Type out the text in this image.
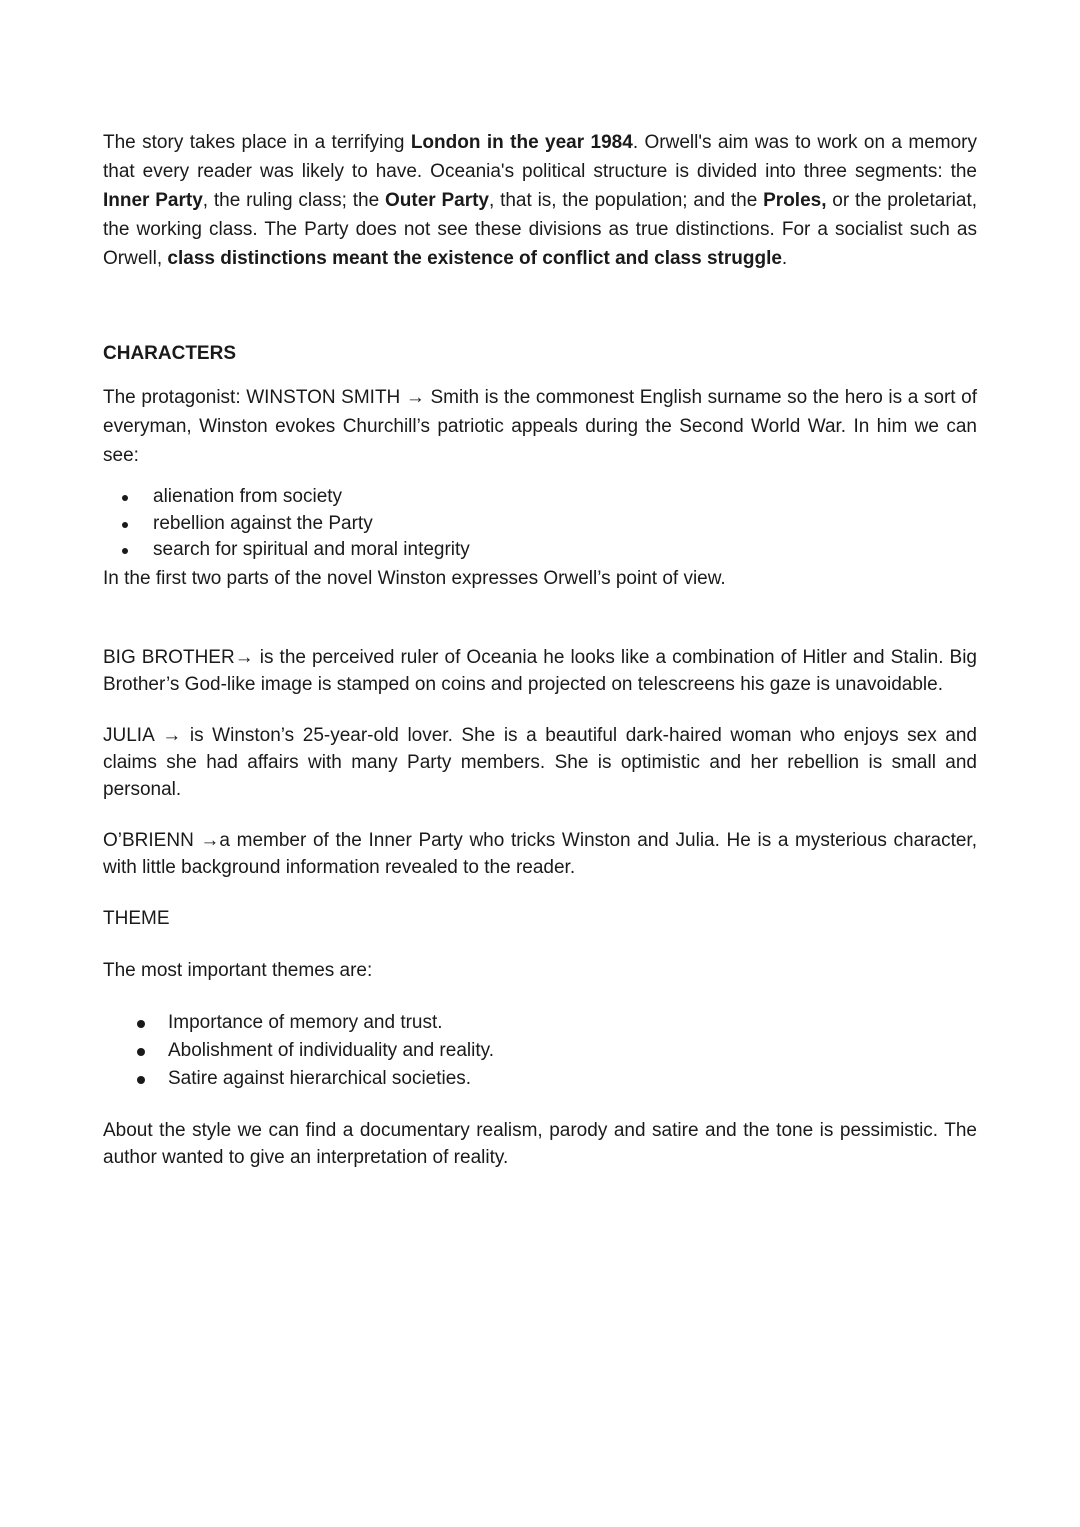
The story takes place in a terrifying London in the year 1984. Orwell's aim was to work on a memory that every reader was likely to have. Oceania's political structure is divided into three segments: the Inner Party, the ruling class; the Outer Party, that is, the population; and the Proles, or the proletariat, the working class. The Party does not see these divisions as true distinctions. For a socialist such as Orwell, class distinctions meant the existence of conflict and class struggle.

CHARACTERS

The protagonist: WINSTON SMITH → Smith is the commonest English surname so the hero is a sort of everyman, Winston evokes Churchill’s patriotic appeals during the Second World War. In him we can see:

alienation from society
rebellion against the Party
search for spiritual and moral integrity

In the first two parts of the novel Winston expresses Orwell’s point of view.

BIG BROTHER→ is the perceived ruler of Oceania he looks like a combination of Hitler and Stalin. Big Brother’s God-like image is stamped on coins and projected on telescreens his gaze is unavoidable.

JULIA → is Winston’s 25-year-old lover. She is a beautiful dark-haired woman who enjoys sex and claims she had affairs with many Party members. She is optimistic and her rebellion is small and personal.

O’BRIENN →a member of the Inner Party who tricks Winston and Julia. He is a mysterious character, with little background information revealed to the reader.

THEME

The most important themes are:

Importance of memory and trust.
Abolishment of individuality and reality.
Satire against hierarchical societies.

About the style we can find a documentary realism, parody and satire and the tone is pessimistic. The author wanted to give an interpretation of reality.
